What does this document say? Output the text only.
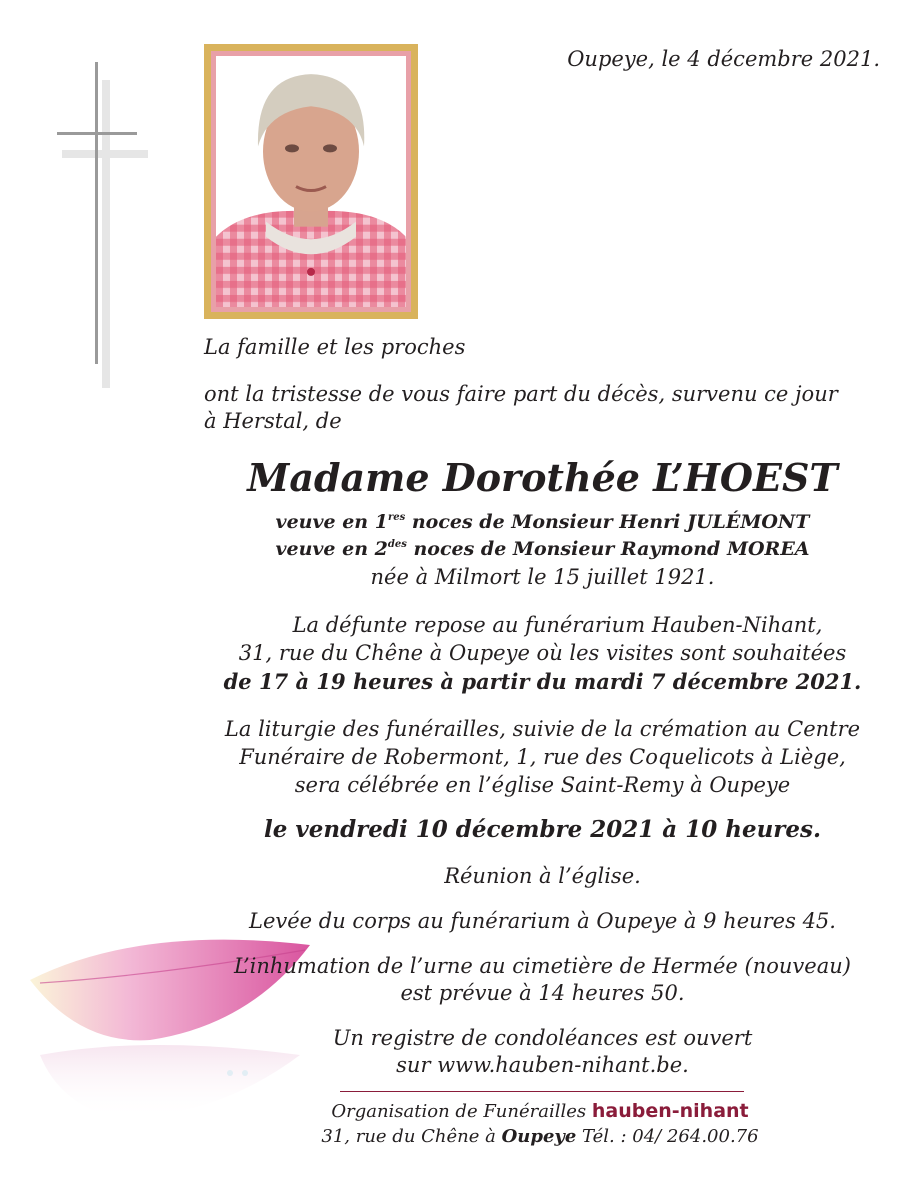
Oupeye, le 4 décembre 2021.
La famille et les proches
ont la tristesse de vous faire part du décès, survenu ce jour
à Herstal, de
Madame Dorothée L’HOEST
veuve en 1res noces de Monsieur Henri JULÉMONT
veuve en $2^{des}$ noces de Monsieur Raymond MOREA
née à Milmort le 15 juillet 1921.
La défunte repose au funérarium Hauben-Nihant,
31, rue du Chêne à Oupeye où les visites sont souhaitées
de 17 à 19 heures à partir du mardi 7 décembre 2021.
La liturgie des funérailles, suivie de la crémation au Centre
Funéraire de Robermont, 1, rue des Coquelicots à Liège,
sera célébrée en l’église Saint-Remy à Oupeye
le vendredi 10 décembre 2021 à 10 heures.
Réunion à l’église.
Levée du corps au funérarium à Oupeye à 9 heures 45.
L’inhumation de l’urne au cimetière de Hermée (nouveau)
est prévue à 14 heures 50.
Un registre de condoléances est ouvert
sur www.hauben-nihant.be.
Organisation de Funérailles hauben-nihant
31, rue du Chêne à Oupeye Tél. : 04/ 264.00.76
